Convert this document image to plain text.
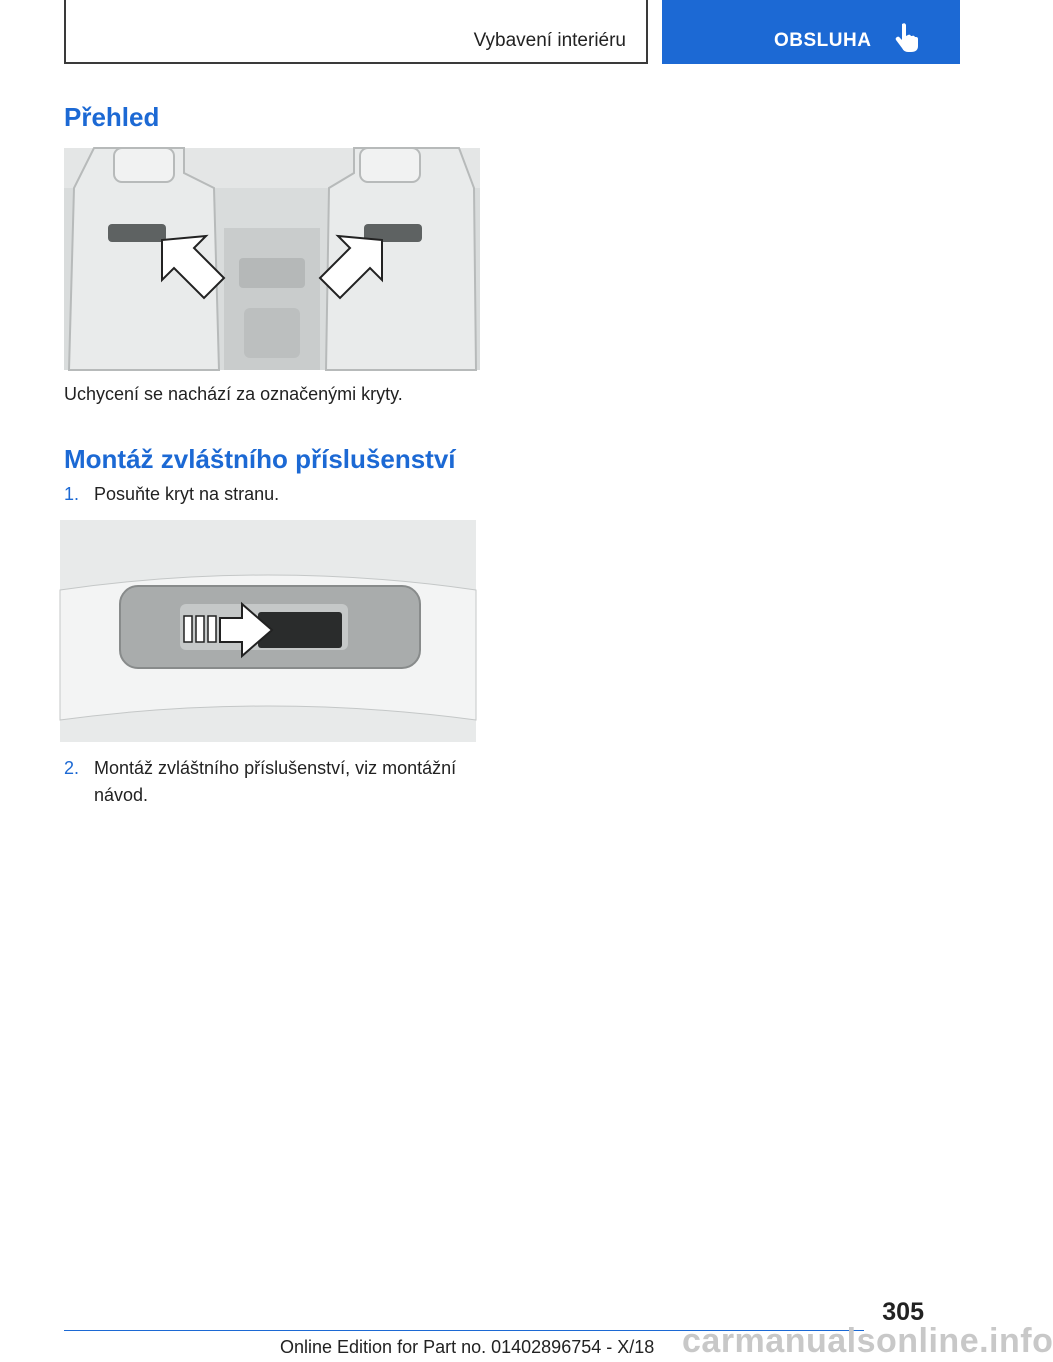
Vybavení interiéru	OBSLUHA
Přehled
Uchycení se nachází za označenými kryty.
Montáž zvláštního příslušenství
1. Posuňte kryt na stranu.
2. Montáž zvláštního příslušenství, viz montážní návod.
305
Online Edition for Part no. 01402896754 - X/18 carmanualsonline.info
